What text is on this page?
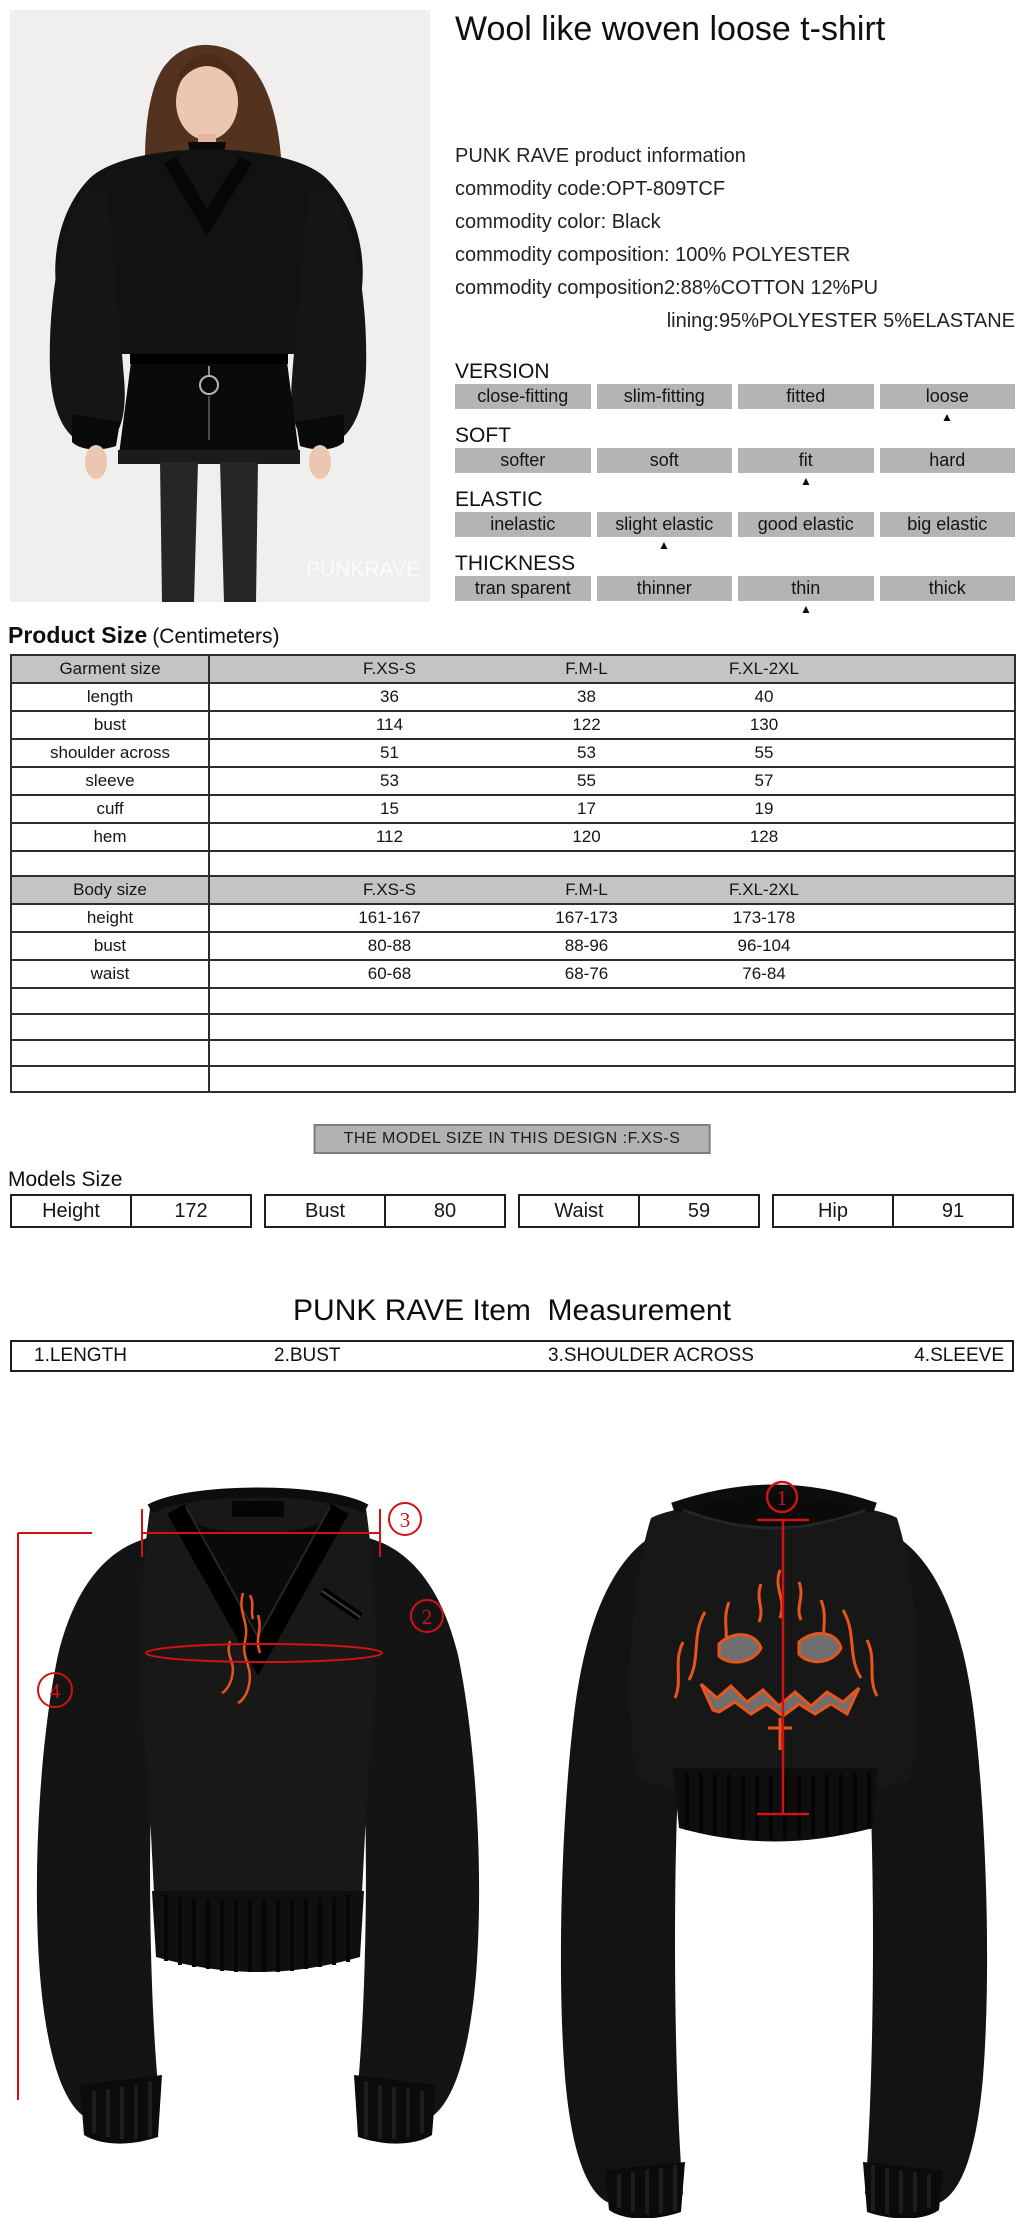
PUNKRAVE
Wool like woven loose t-shirt
PUNK RAVE product information
commodity code:OPT-809TCF
commodity color: Black
commodity composition: 100% POLYESTER
commodity composition2:88%COTTON 12%PU
lining:95%POLYESTER 5%ELASTANE
VERSION
close-fitting	slim-fitting	fitted	loose
▲
SOFT
softer	soft	fit	hard
▲
ELASTIC
inelastic	slight elastic	good elastic	big elastic
▲
THICKNESS
tran sparent	thinner	thin	thick
▲
Product Size (Centimeters)
Garment size	F.XS-S	F.M-L	F.XL-2XL	
length	36	38	40	
bust	114	122	130	
shoulder across	51	53	55	
sleeve	53	55	57	
cuff	15	17	19	
hem	112	120	128	

Body size	F.XS-S	F.M-L	F.XL-2XL	
height	161-167	167-173	173-178	
bust	80-88	88-96	96-104	
waist	60-68	68-76	76-84	

THE MODEL SIZE IN THIS DESIGN :F.XS-S
Models Size
Height	172	Bust	80	Waist	59	Hip	91
PUNK RAVE Item  Measurement
1.LENGTH	2.BUST	3.SHOULDER ACROSS	4.SLEEVE
3
2
4
1
